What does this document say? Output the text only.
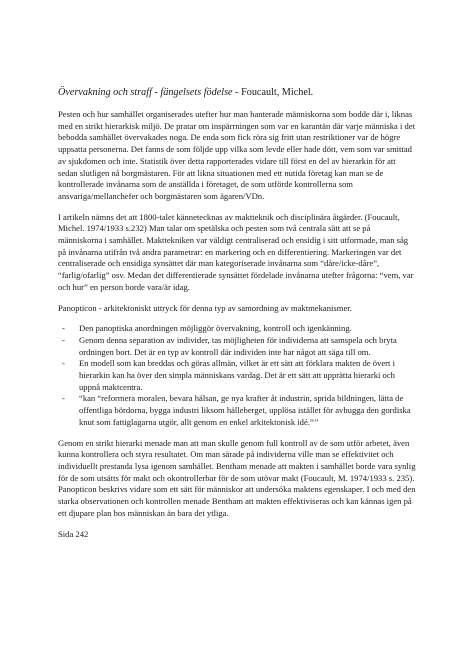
Övervakning och straff - fängelsets födelse - Foucault, Michel.

Pesten och hur samhället organiserades utefter hur man hanterade människorna som bodde där i, liknas med en strikt hierarkisk miljö. De pratar om inspärrningen som var en karantän där varje människa i det bebodda samhället övervakades noga. De enda som fick röra sig fritt utan restriktioner var de högre uppsatta personerna. Det fanns de som följde upp vilka som levde eller hade dött, vem som var smittad av sjukdomen och inte. Statistik över detta rapporterades vidare till först en del av hierarkin för att sedan slutligen nå borgmästaren. För att likna situationen med ett nutida företag kan man se de kontrollerade invånarna som de anställda i företaget, de som utförde kontrollerna som ansvariga/mellanchefer och borgmästaren som ägaren/VDn.

I artikeln nämns det att 1800-talet kännetecknas av maktteknik och disciplinära åtgärder. (Foucault, Michel. 1974/1933 s.232) Man talar om spetälska och pesten som två centrala sätt att se på människorna i samhället. Makttekniken var väldigt centraliserad och ensidig i sitt utformade, man såg på invånarna utifrån två andra parametrar: en markering och en differentiering. Markeringen var det centraliserade och ensidiga synsättet där man kategoriserade invånarna som “dåre/icke-dåre”, “farlig/ofarlig” osv. Medan det differentierade synsättet fördelade invånarna utefter frågorna: “vem, var och hur” en person borde vara/är idag.

Panopticon - arkitektoniskt uttryck för denna typ av samordning av maktmekanismer.

- Den panoptiska anordningen möjliggör övervakning, kontroll och igenkänning.
- Genom denna separation av individer, tas möjligheten för individerna att samspela och bryta ordningen bort. Det är en typ av kontroll där individen inte har något att säga till om.
- En modell som kan breddas och göras allmän, vilket är ett sätt att förklara makten de övert i hierarkin kan ha över den simpla människans vardag. Det är ett sätt att upprätta hierarki och uppnå maktcentra.
- “kan “reformera moralen, bevara hälsan, ge nya krafter åt industrin, sprida bildningen, lätta de offentliga bördorna, bygga industri liksom hälleberget, upplösa istället för avhugga den gordiska knut som fattiglagarna utgör, allt genom en enkel arkitektonisk idé.”’’

Genom en strikt hierarki menade man att man skulle genom full kontroll av de som utför arbetet, även kunna kontrollera och styra resultatet. Om man särade på individerna ville man se effektivitet och individuellt prestanda lysa igenom samhället. Bentham menade att makten i samhället borde vara synlig för de som utsätts för makt och okontrollerbar för de som utövar makt (Foucault, M. 1974/1933 s. 235). Panopticon beskrivs vidare som ett sätt för människor att undersöka maktens egenskaper. I och med den starka observationen och kontrollen menade Bentham att makten effektiviseras och kan kännas igen på ett djupare plan hos människan än bara det ytliga.

Sida 242
